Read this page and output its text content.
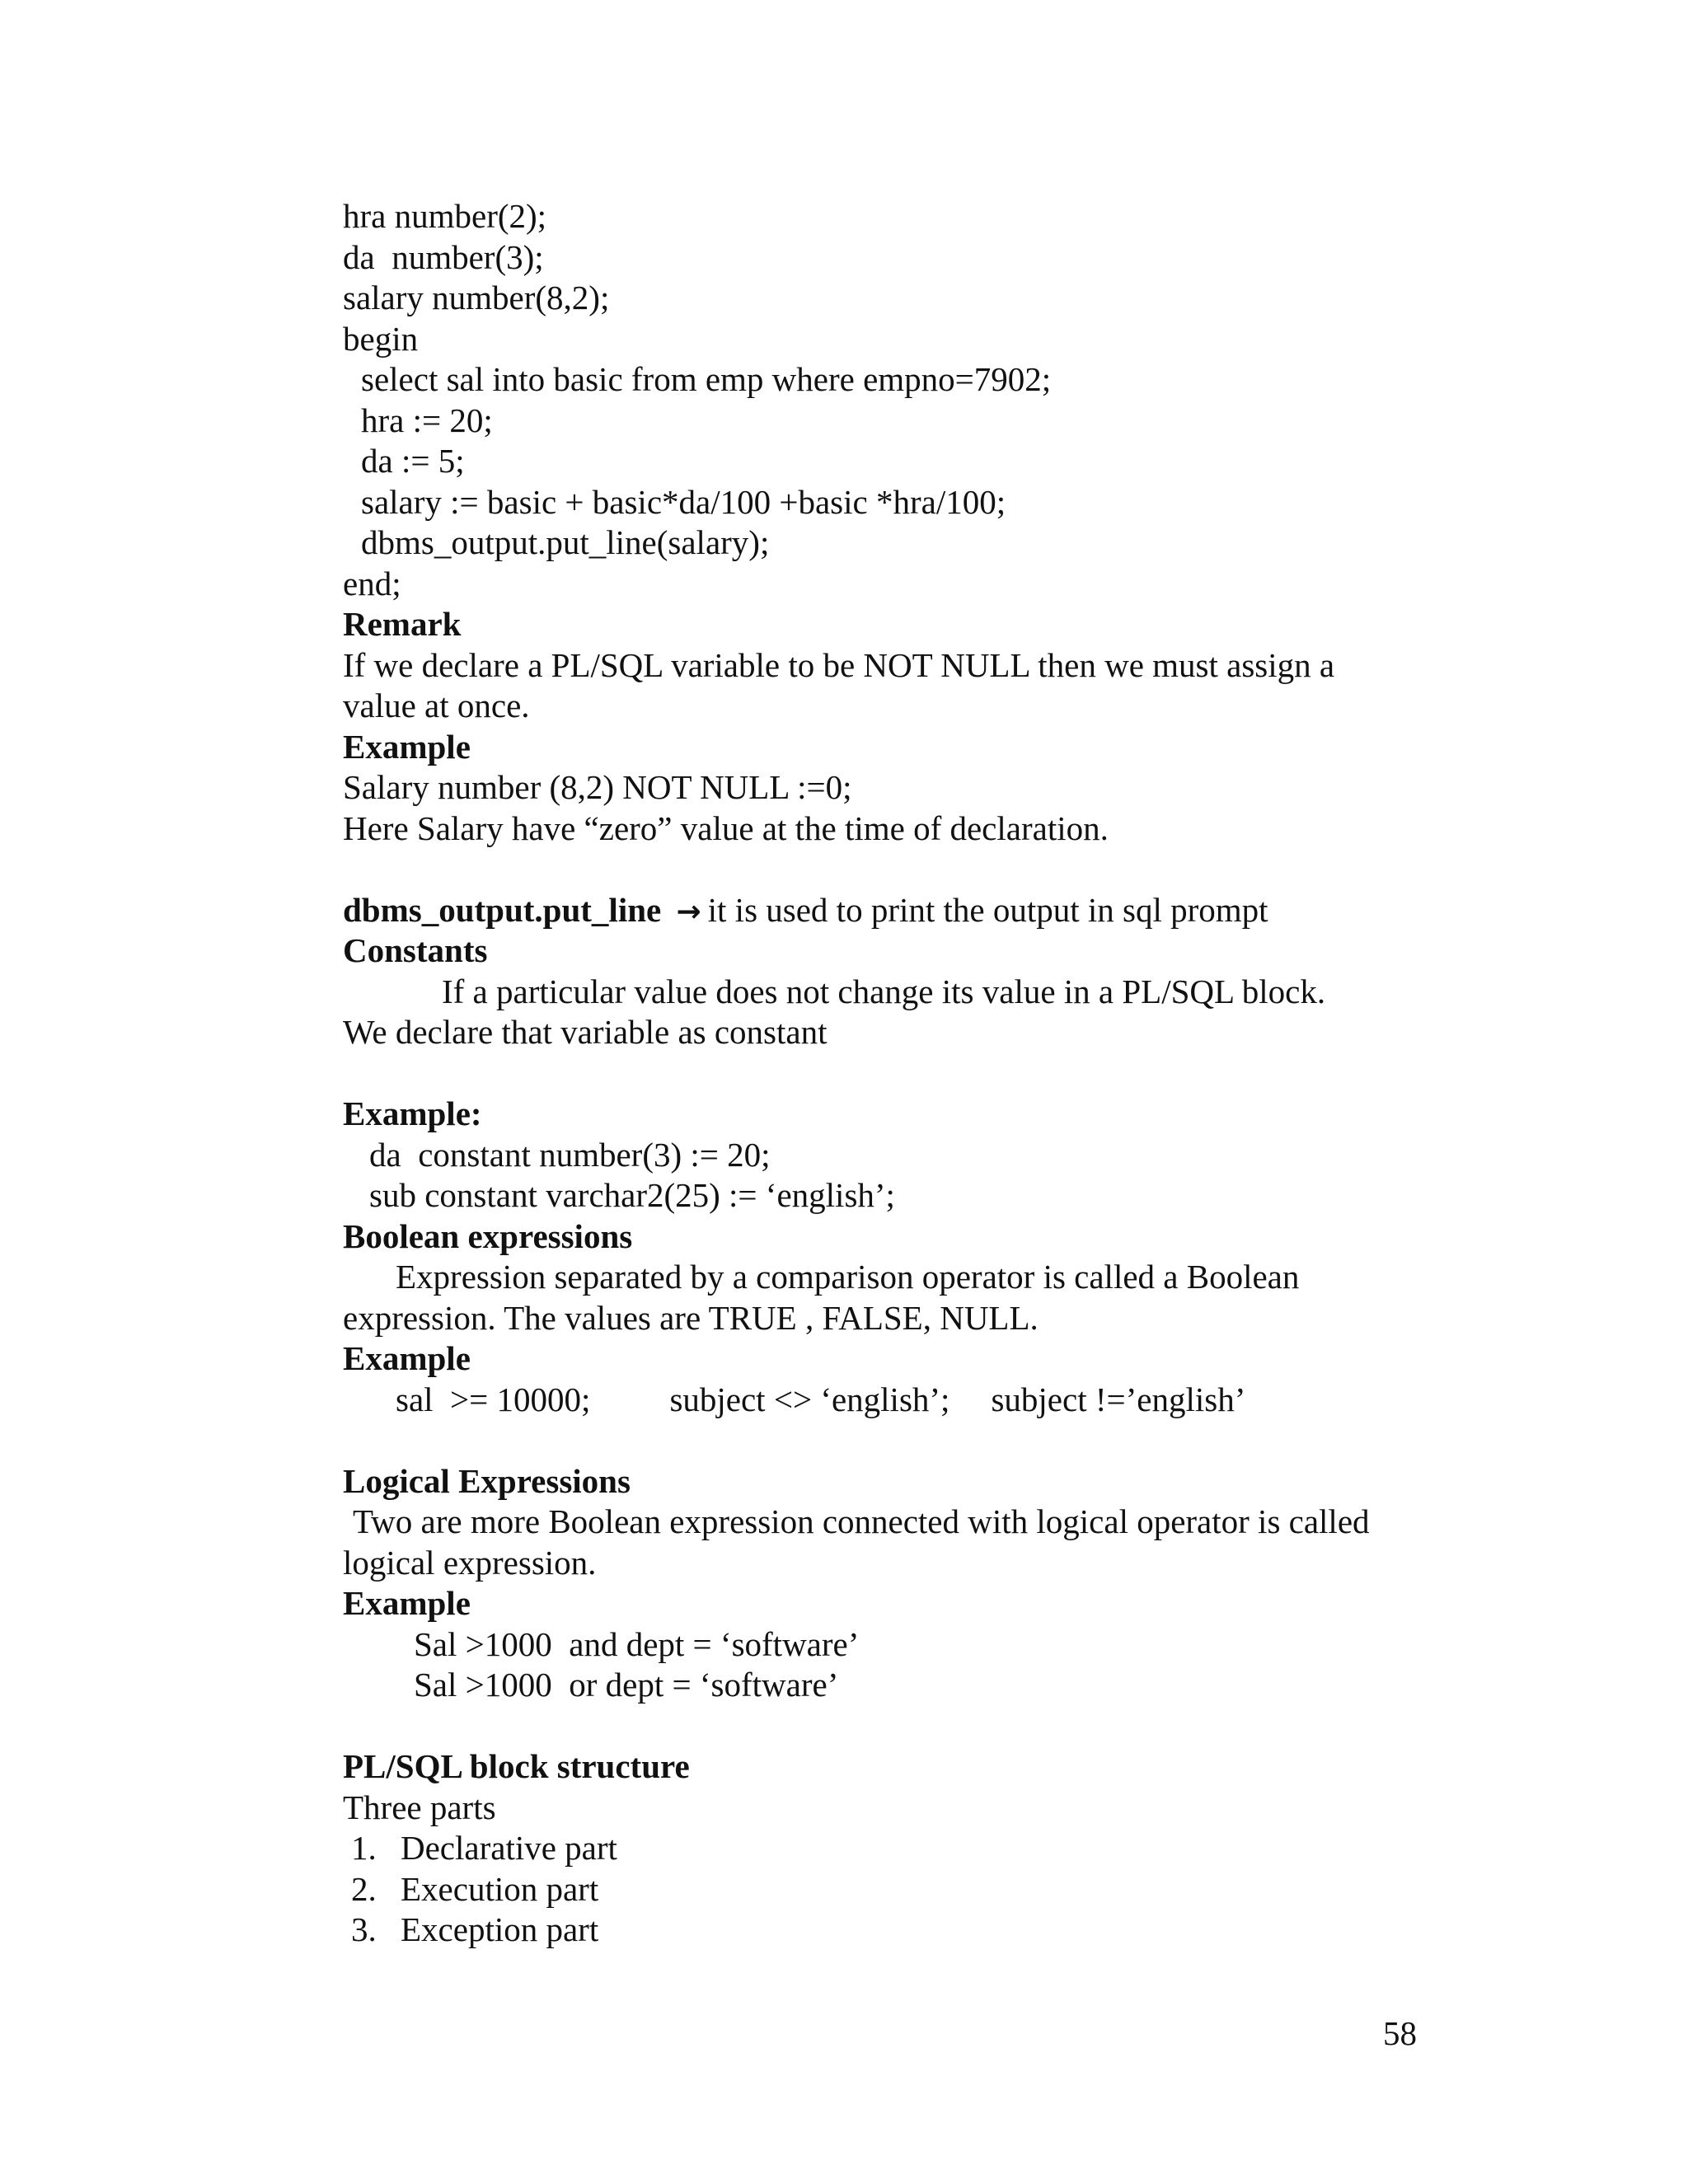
hra number(2);
da  number(3);
salary number(8,2);
begin
select sal into basic from emp where empno=7902;
hra := 20;
da := 5;
salary := basic + basic*da/100 +basic *hra/100;
dbms_output.put_line(salary);
end;
Remark
If we declare a PL/SQL variable to be NOT NULL then we must assign a
value at once.
Example
Salary number (8,2) NOT NULL :=0;
Here Salary have “zero” value at the time of declaration.
dbms_output.put_line → it is used to print the output in sql prompt
Constants
If a particular value does not change its value in a PL/SQL block.
We declare that variable as constant
Example:
da  constant number(3) := 20;
sub constant varchar2(25) := ‘english’;
Boolean expressions
Expression separated by a comparison operator is called a Boolean
expression. The values are TRUE , FALSE, NULL.
Example
sal  >= 10000; subject <> ‘english’; subject !=’english’
Logical Expressions
Two are more Boolean expression connected with logical operator is called
logical expression.
Example
Sal >1000  and dept = ‘software’
Sal >1000  or dept = ‘software’
PL/SQL block structure
Three parts
1. Declarative part
2. Execution part
3. Exception part
58
